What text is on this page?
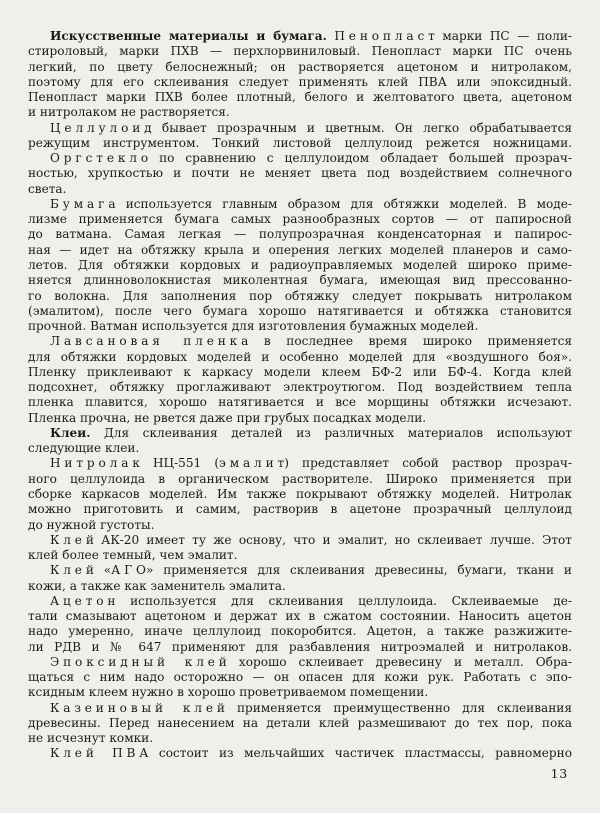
Искусственные материалы и бумага. Пенопласт марки ПС — поли-
стироловый, марки ПХВ — перхлорвиниловый. Пенопласт марки ПС очень
легкий, по цвету белоснежный; он растворяется ацетоном и нитролаком,
поэтому для его склеивания следует применять клей ПВА или эпоксидный.
Пенопласт марки ПХВ более плотный, белого и желтоватого цвета, ацетоном
и нитролаком не растворяется.
Целлулоид бывает прозрачным и цветным. Он легко обрабатывается
режущим инструментом. Тонкий листовой целлулоид режется ножницами.
Оргстекло по сравнению с целлулоидом обладает большей прозрач-
ностью, хрупкостью и почти не меняет цвета под воздействием солнечного
света.
Бумага используется главным образом для обтяжки моделей. В моде-
лизме применяется бумага самых разнообразных сортов — от папиросной
до ватмана. Самая легкая — полупрозрачная конденсаторная и папирос-
ная — идет на обтяжку крыла и оперения легких моделей планеров и само-
летов. Для обтяжки кордовых и радиоуправляемых моделей широко приме-
няется длинноволокнистая миколентная бумага, имеющая вид прессованно-
го волокна. Для заполнения пор обтяжку следует покрывать нитролаком
(эмалитом), после чего бумага хорошо натягивается и обтяжка становится
прочной. Ватман используется для изготовления бумажных моделей.
Лавсановая пленка в последнее время широко применяется
для обтяжки кордовых моделей и особенно моделей для «воздушного боя».
Пленку приклеивают к каркасу модели клеем БФ-2 или БФ-4. Когда клей
подсохнет, обтяжку проглаживают электроутюгом. Под воздействием тепла
пленка плавится, хорошо натягивается и все морщины обтяжки исчезают.
Пленка прочна, не рвется даже при грубых посадках модели.
Клеи. Для склеивания деталей из различных материалов используют
следующие клеи.
Нитролак НЦ-551 (эмалит) представляет собой раствор прозрач-
ного целлулоида в органическом растворителе. Широко применяется при
сборке каркасов моделей. Им также покрывают обтяжку моделей. Нитролак
можно приготовить и самим, растворив в ацетоне прозрачный целлулоид
до нужной густоты.
Клей АК-20 имеет ту же основу, что и эмалит, но склеивает лучше. Этот
клей более темный, чем эмалит.
Клей «АГО» применяется для склеивания древесины, бумаги, ткани и
кожи, а также как заменитель эмалита.
Ацетон используется для склеивания целлулоида. Склеиваемые де-
тали смазывают ацетоном и держат их в сжатом состоянии. Наносить ацетон
надо умеренно, иначе целлулоид покоробится. Ацетон, а также разжижите-
ли РДВ и № 647 применяют для разбавления нитроэмалей и нитролаков.
Эпоксидный клей хорошо склеивает древесину и металл. Обра-
щаться с ним надо осторожно — он опасен для кожи рук. Работать с эпо-
ксидным клеем нужно в хорошо проветриваемом помещении.
Казеиновый клей применяется преимущественно для склеивания
древесины. Перед нанесением на детали клей размешивают до тех пор, пока
не исчезнут комки.
Клей ПВА состоит из мельчайших частичек пластмассы, равномерно
13
